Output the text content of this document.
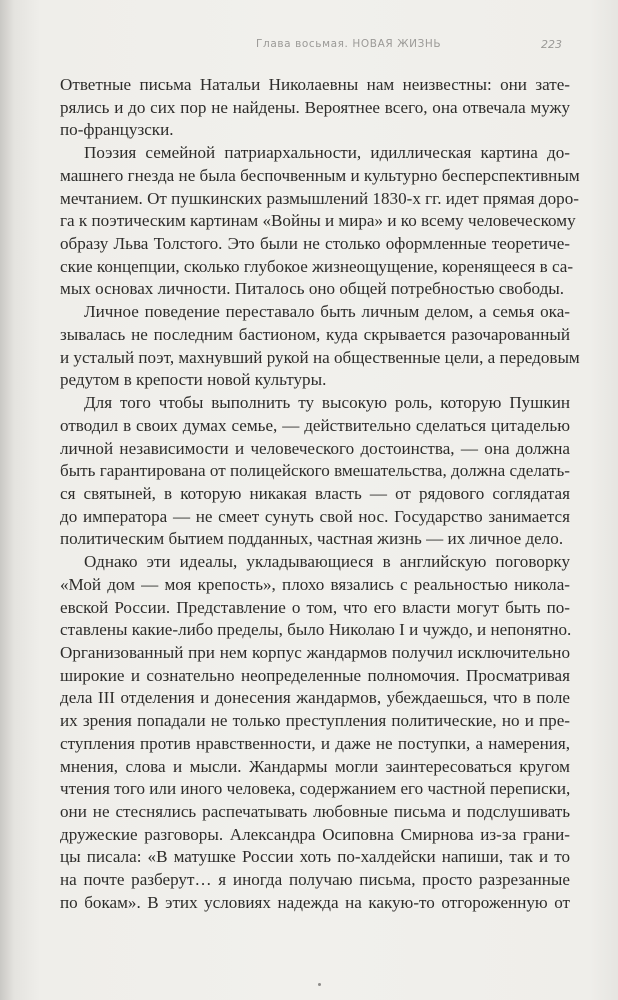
Глава восьмая. НОВАЯ ЖИЗНЬ	223
Ответные письма Натальи Николаевны нам неизвестны: они зате-
рялись и до сих пор не найдены. Вероятнее всего, она отвечала мужу
по-французски.
Поэзия семейной патриархальности, идиллическая картина до-
машнего гнезда не была беспочвенным и культурно бесперспективным
мечтанием. От пушкинских размышлений 1830-х гг. идет прямая доро-
га к поэтическим картинам «Войны и мира» и ко всему человеческому
образу Льва Толстого. Это были не столько оформленные теоретиче-
ские концепции, сколько глубокое жизнеощущение, коренящееся в са-
мых основах личности. Питалось оно общей потребностью свободы.
Личное поведение переставало быть личным делом, а семья ока-
зывалась не последним бастионом, куда скрывается разочарованный
и усталый поэт, махнувший рукой на общественные цели, а передовым
редутом в крепости новой культуры.
Для того чтобы выполнить ту высокую роль, которую Пушкин
отводил в своих думах семье, — действительно сделаться цитаделью
личной независимости и человеческого достоинства, — она должна
быть гарантирована от полицейского вмешательства, должна сделать-
ся святыней, в которую никакая власть — от рядового соглядатая
до императора — не смеет сунуть свой нос. Государство занимается
политическим бытием подданных, частная жизнь — их личное дело.
Однако эти идеалы, укладывающиеся в английскую поговорку
«Мой дом — моя крепость», плохо вязались с реальностью никола-
евской России. Представление о том, что его власти могут быть по-
ставлены какие-либо пределы, было Николаю I и чуждо, и непонятно.
Организованный при нем корпус жандармов получил исключительно
широкие и сознательно неопределенные полномочия. Просматривая
дела III отделения и донесения жандармов, убеждаешься, что в поле
их зрения попадали не только преступления политические, но и пре-
ступления против нравственности, и даже не поступки, а намерения,
мнения, слова и мысли. Жандармы могли заинтересоваться кругом
чтения того или иного человека, содержанием его частной переписки,
они не стеснялись распечатывать любовные письма и подслушивать
дружеские разговоры. Александра Осиповна Смирнова из-за грани-
цы писала: «В матушке России хоть по-халдейски напиши, так и то
на почте разберут… я иногда получаю письма, просто разрезанные
по бокам». В этих условиях надежда на какую-то отгороженную от
